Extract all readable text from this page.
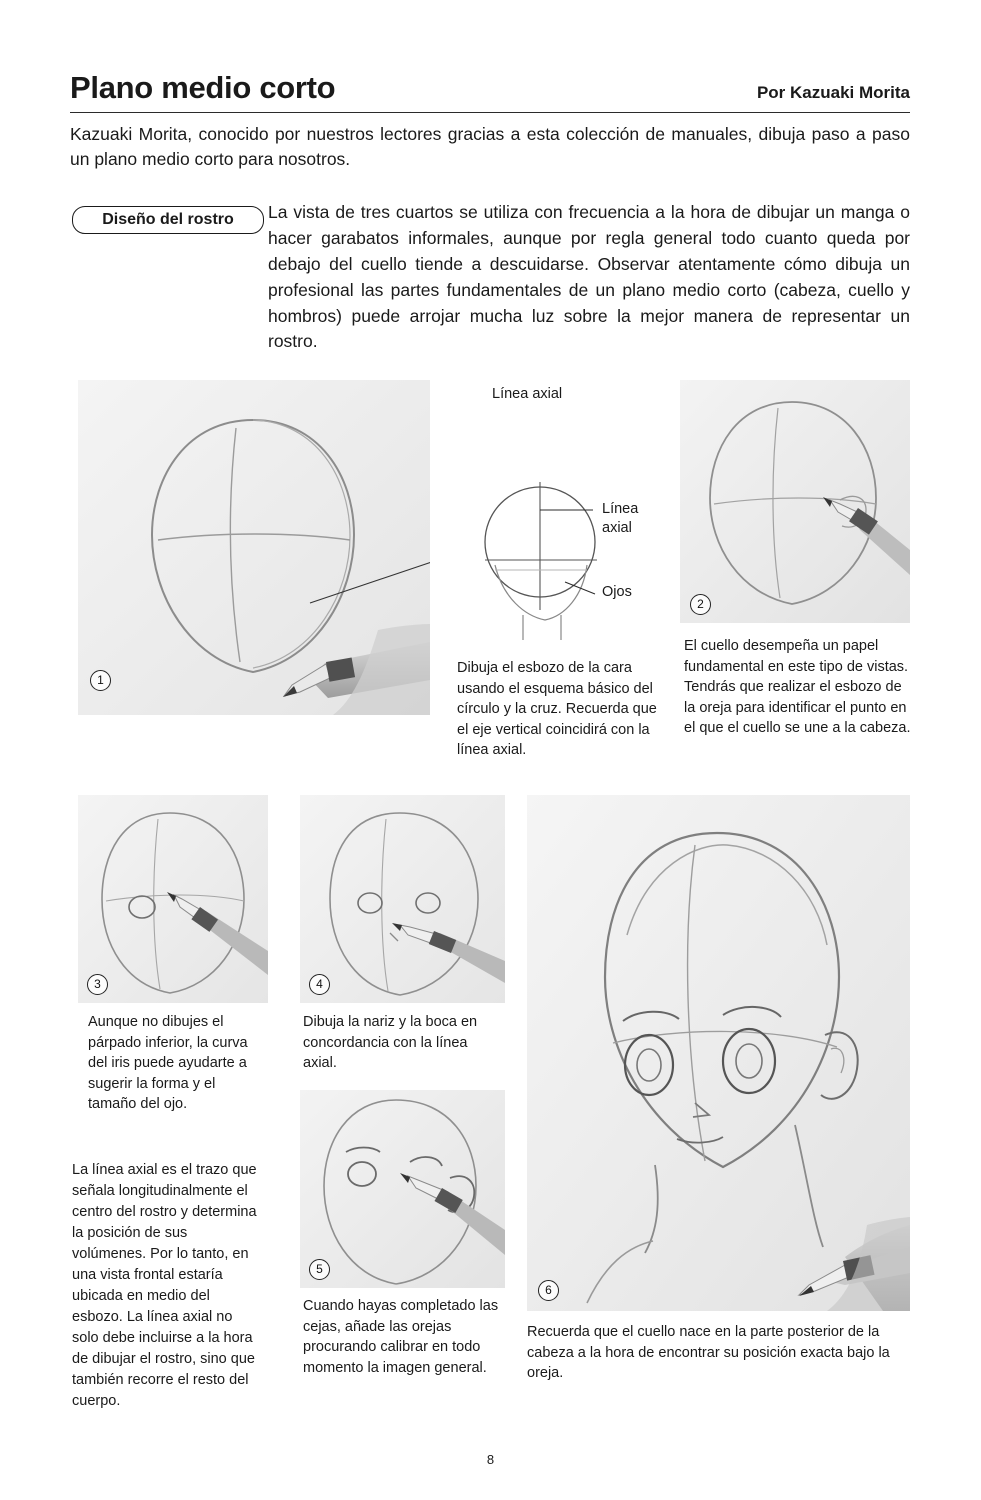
Plano medio corto	Por Kazuaki Morita
Kazuaki Morita, conocido por nuestros lectores gracias a esta colección de manuales, dibuja paso a paso un plano medio corto para nosotros.
Diseño del rostro La vista de tres cuartos se utiliza con frecuencia a la hora de dibujar un manga o hacer garabatos informales, aunque por regla general todo cuanto queda por debajo del cuello tiende a descuidarse. Observar atentamente cómo dibuja un profesional las partes fundamentales de un plano medio corto (cabeza, cuello y hombros) puede arrojar mucha luz sobre la mejor manera de representar un rostro.
1
Línea axial
Línea
axial
Ojos
Dibuja el esbozo de la cara usando el esquema básico del círculo y la cruz. Recuerda que el eje vertical coincidirá con la línea axial.
2
El cuello desempeña un papel fundamental en este tipo de vistas. Tendrás que realizar el esbozo de la oreja para identificar el punto en el que el cuello se une a la cabeza.
3
Aunque no dibujes el párpado inferior, la curva del iris puede ayudarte a sugerir la forma y el tamaño del ojo.
La línea axial es el trazo que señala longitudinalmente el centro del rostro y determina la posición de sus volúmenes. Por lo tanto, en una vista frontal estaría ubicada en medio del esbozo. La línea axial no solo debe incluirse a la hora de dibujar el rostro, sino que también recorre el resto del cuerpo.
4
Dibuja la nariz y la boca en concordancia con la línea axial.
5
Cuando hayas completado las cejas, añade las orejas procurando calibrar en todo momento la imagen general.
6
Recuerda que el cuello nace en la parte posterior de la cabeza a la hora de encontrar su posición exacta bajo la oreja.
8
